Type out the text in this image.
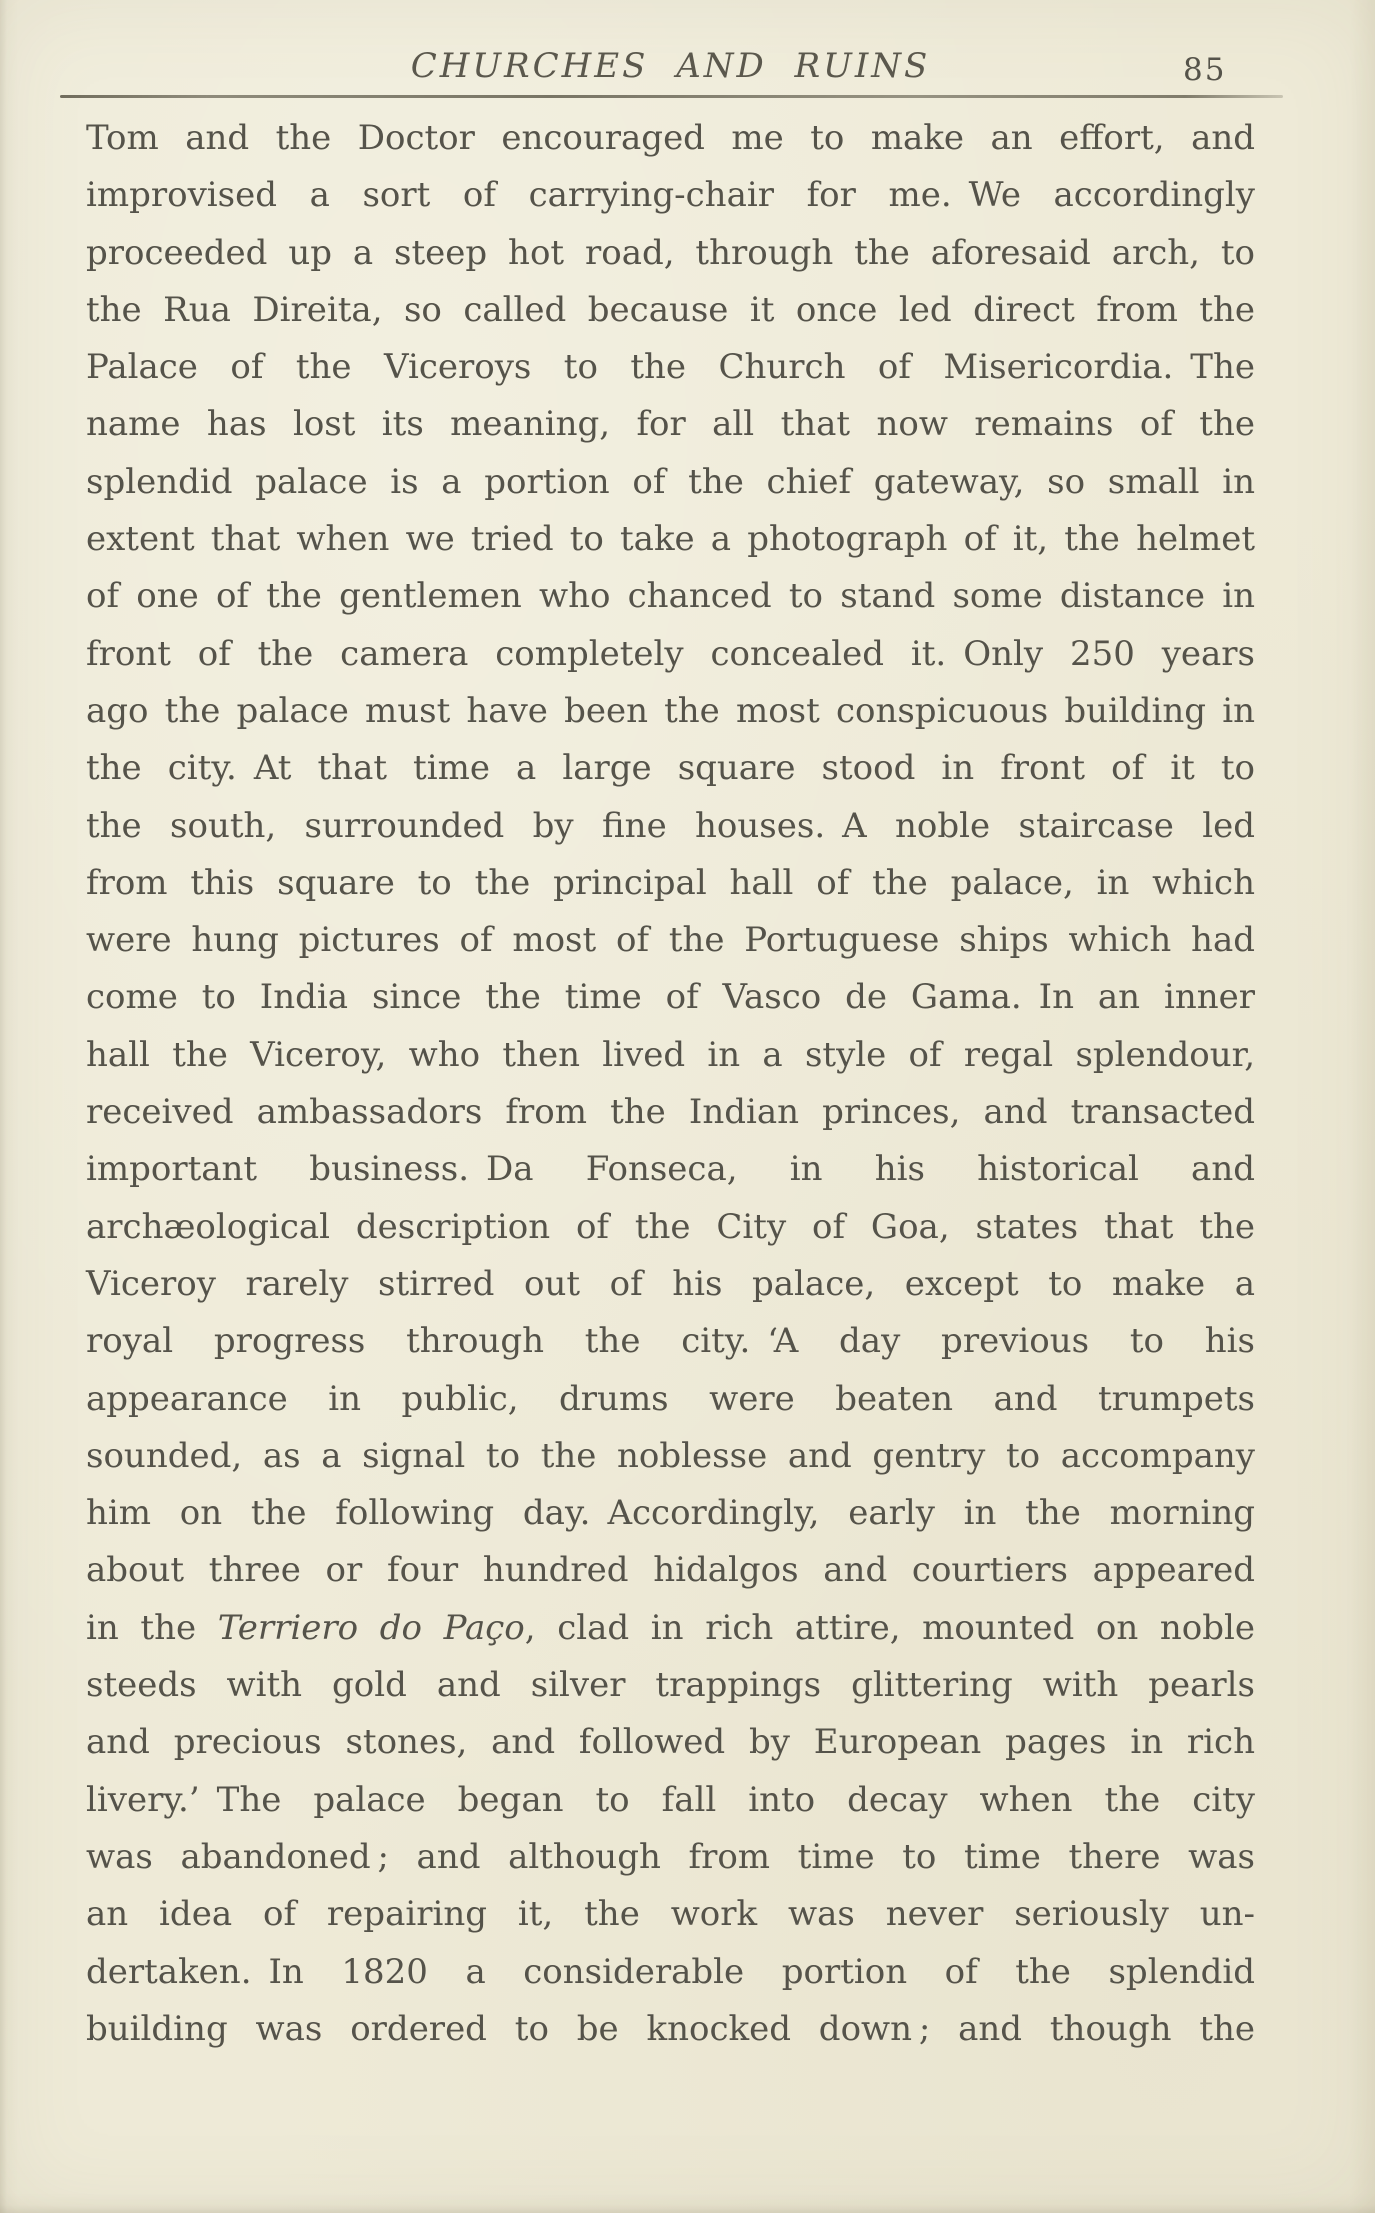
CHURCHES AND RUINS	85
Tom and the Doctor encouraged me to make an effort, and
improvised a sort of carrying-chair for me. We accordingly
proceeded up a steep hot road, through the aforesaid arch, to
the Rua Direita, so called because it once led direct from the
Palace of the Viceroys to the Church of Misericordia. The
name has lost its meaning, for all that now remains of the
splendid palace is a portion of the chief gateway, so small in
extent that when we tried to take a photograph of it, the helmet
of one of the gentlemen who chanced to stand some distance in
front of the camera completely concealed it. Only 250 years
ago the palace must have been the most conspicuous building in
the city. At that time a large square stood in front of it to
the south, surrounded by fine houses. A noble staircase led
from this square to the principal hall of the palace, in which
were hung pictures of most of the Portuguese ships which had
come to India since the time of Vasco de Gama. In an inner
hall the Viceroy, who then lived in a style of regal splendour,
received ambassadors from the Indian princes, and transacted
important business. Da Fonseca, in his historical and
archæological description of the City of Goa, states that the
Viceroy rarely stirred out of his palace, except to make a
royal progress through the city. ‘A day previous to his
appearance in public, drums were beaten and trumpets
sounded, as a signal to the noblesse and gentry to accompany
him on the following day. Accordingly, early in the morning
about three or four hundred hidalgos and courtiers appeared
in the Terriero do Paço, clad in rich attire, mounted on noble
steeds with gold and silver trappings glittering with pearls
and precious stones, and followed by European pages in rich
livery.’ The palace began to fall into decay when the city
was abandoned ; and although from time to time there was
an idea of repairing it, the work was never seriously un-
dertaken. In 1820 a considerable portion of the splendid
building was ordered to be knocked down ; and though the
